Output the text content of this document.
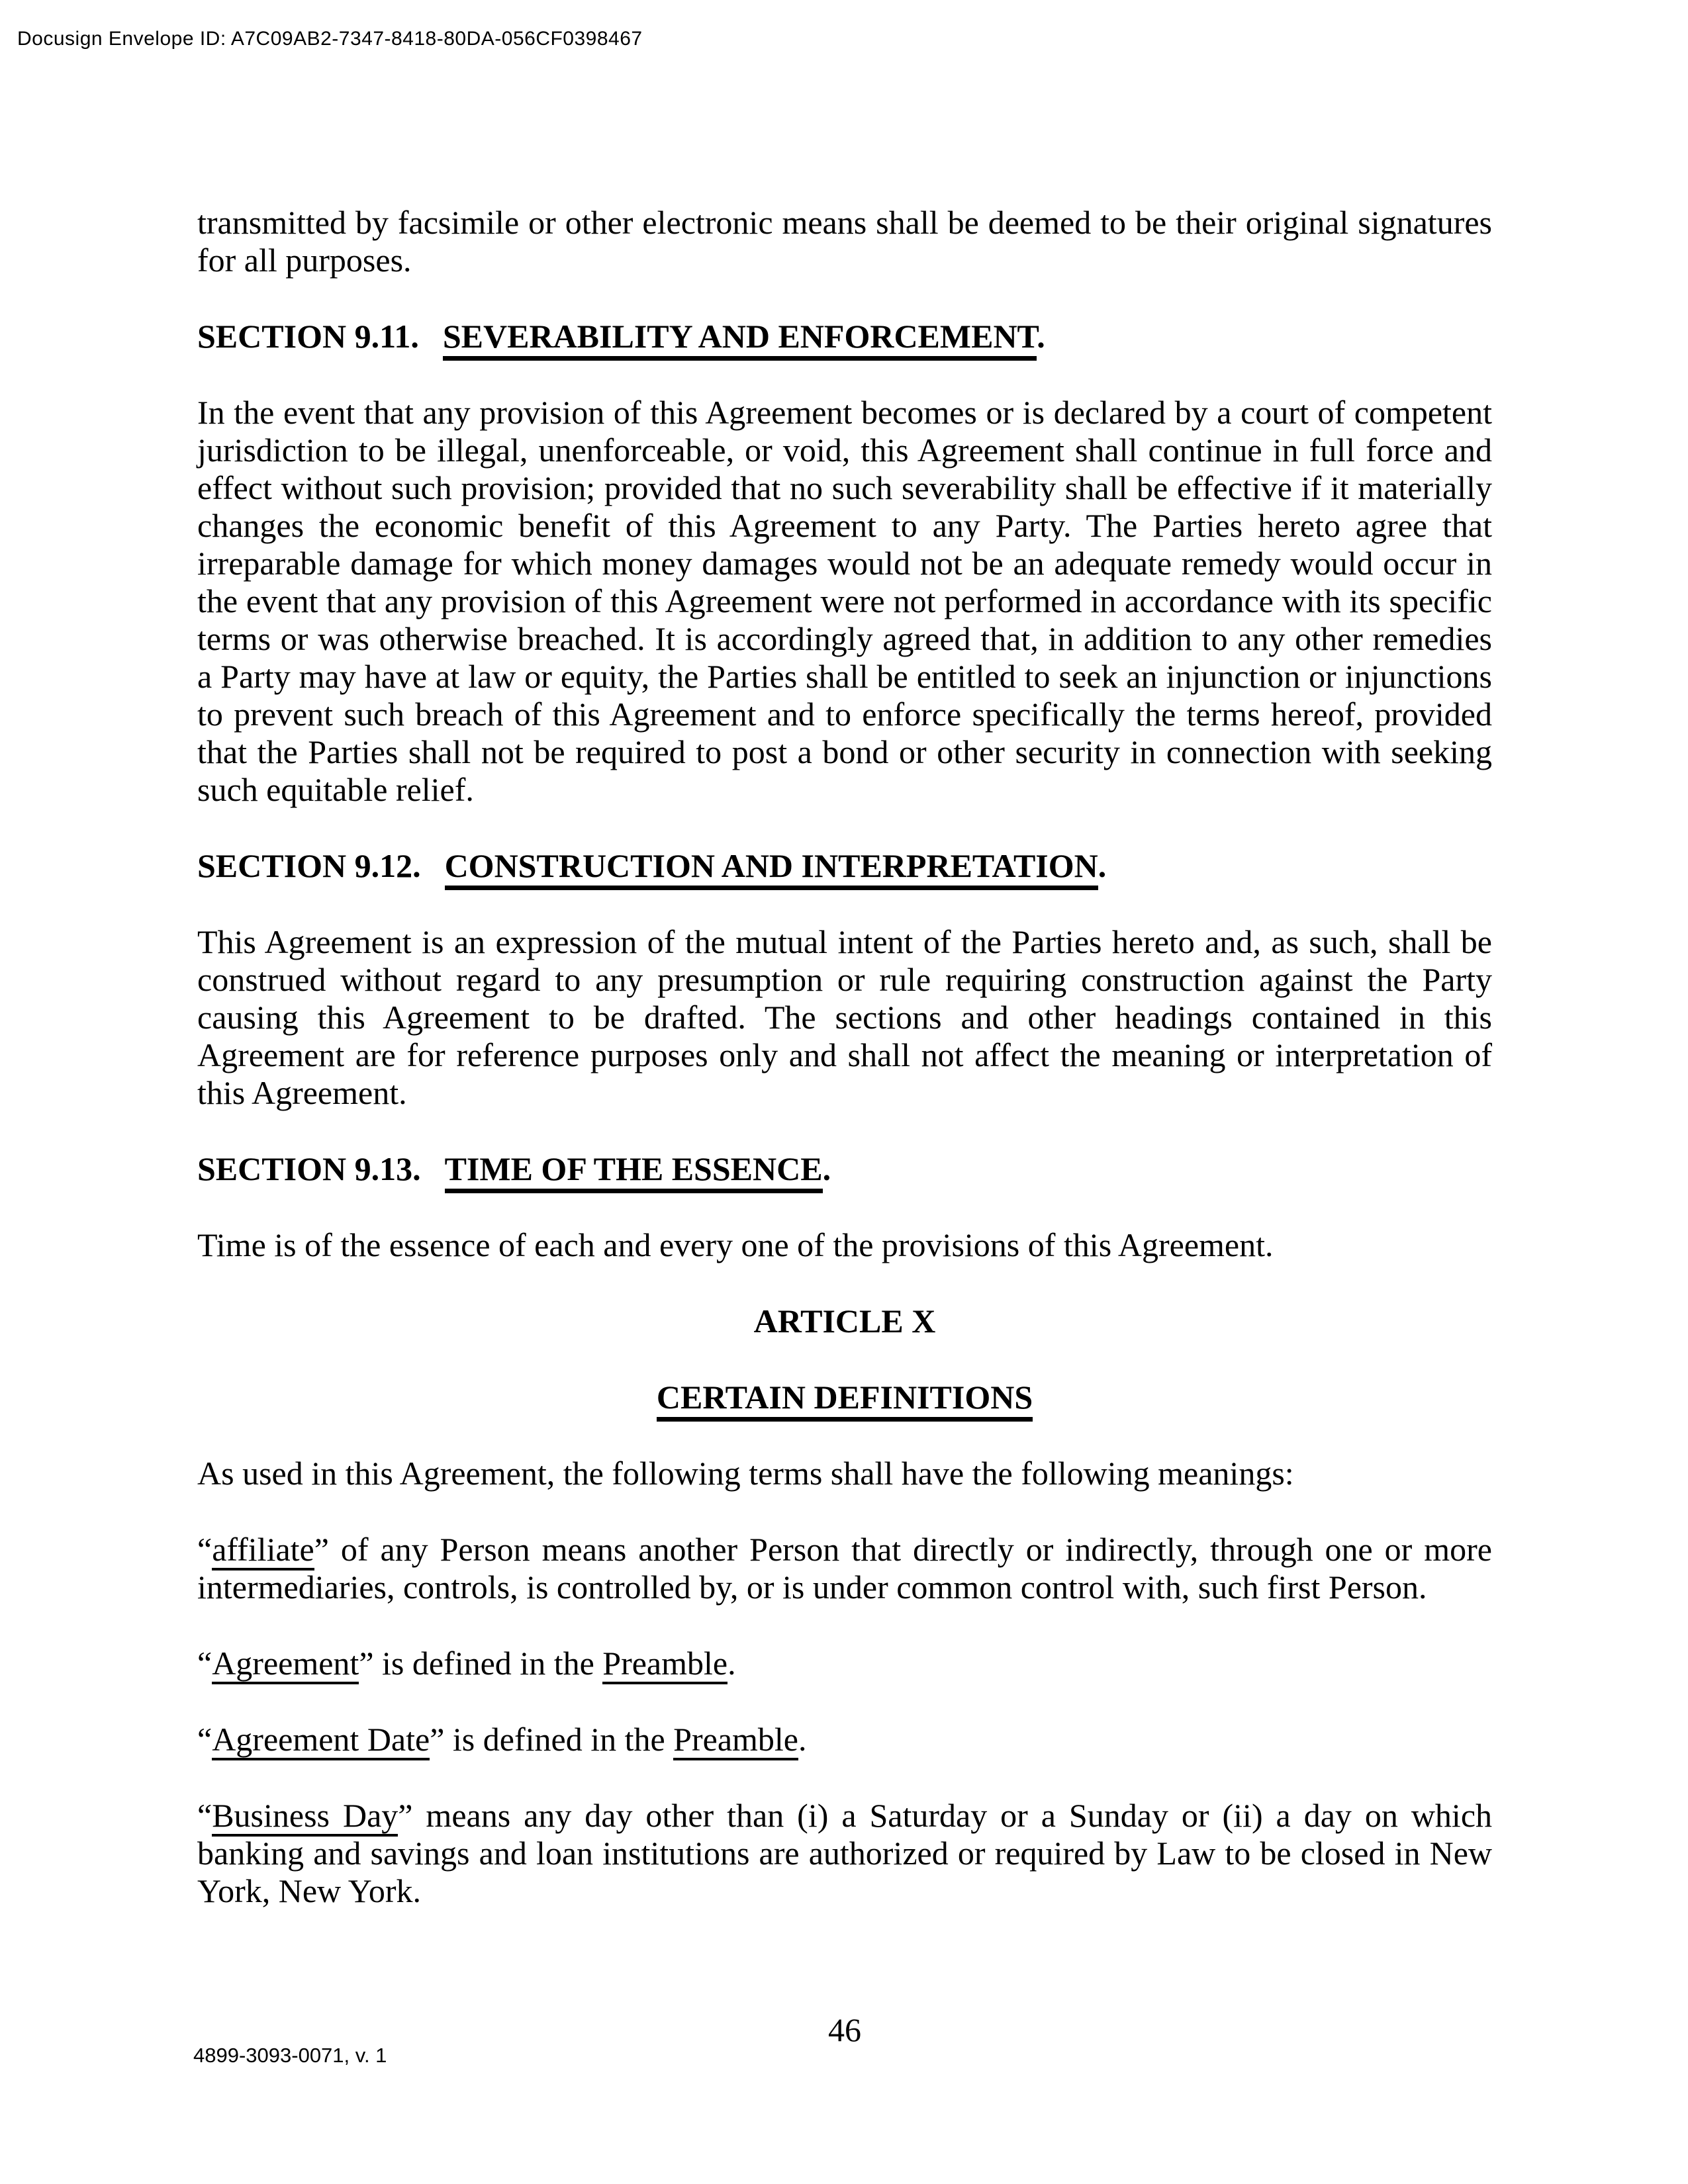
Docusign Envelope ID: A7C09AB2-7347-8418-80DA-056CF0398467
transmitted by facsimile or other electronic means shall be deemed to be their original signatures for all purposes.
SECTION 9.11. SEVERABILITY AND ENFORCEMENT.
In the event that any provision of this Agreement becomes or is declared by a court of competent jurisdiction to be illegal, unenforceable, or void, this Agreement shall continue in full force and effect without such provision; provided that no such severability shall be effective if it materially changes the economic benefit of this Agreement to any Party. The Parties hereto agree that irreparable damage for which money damages would not be an adequate remedy would occur in the event that any provision of this Agreement were not performed in accordance with its specific terms or was otherwise breached. It is accordingly agreed that, in addition to any other remedies a Party may have at law or equity, the Parties shall be entitled to seek an injunction or injunctions to prevent such breach of this Agreement and to enforce specifically the terms hereof, provided that the Parties shall not be required to post a bond or other security in connection with seeking such equitable relief.
SECTION 9.12. CONSTRUCTION AND INTERPRETATION.
This Agreement is an expression of the mutual intent of the Parties hereto and, as such, shall be construed without regard to any presumption or rule requiring construction against the Party causing this Agreement to be drafted. The sections and other headings contained in this Agreement are for reference purposes only and shall not affect the meaning or interpretation of this Agreement.
SECTION 9.13. TIME OF THE ESSENCE.
Time is of the essence of each and every one of the provisions of this Agreement.
ARTICLE X
CERTAIN DEFINITIONS
As used in this Agreement, the following terms shall have the following meanings:
“affiliate” of any Person means another Person that directly or indirectly, through one or more intermediaries, controls, is controlled by, or is under common control with, such first Person.
“Agreement” is defined in the Preamble.
“Agreement Date” is defined in the Preamble.
“Business Day” means any day other than (i) a Saturday or a Sunday or (ii) a day on which banking and savings and loan institutions are authorized or required by Law to be closed in New York, New York.
46
4899-3093-0071, v. 1
